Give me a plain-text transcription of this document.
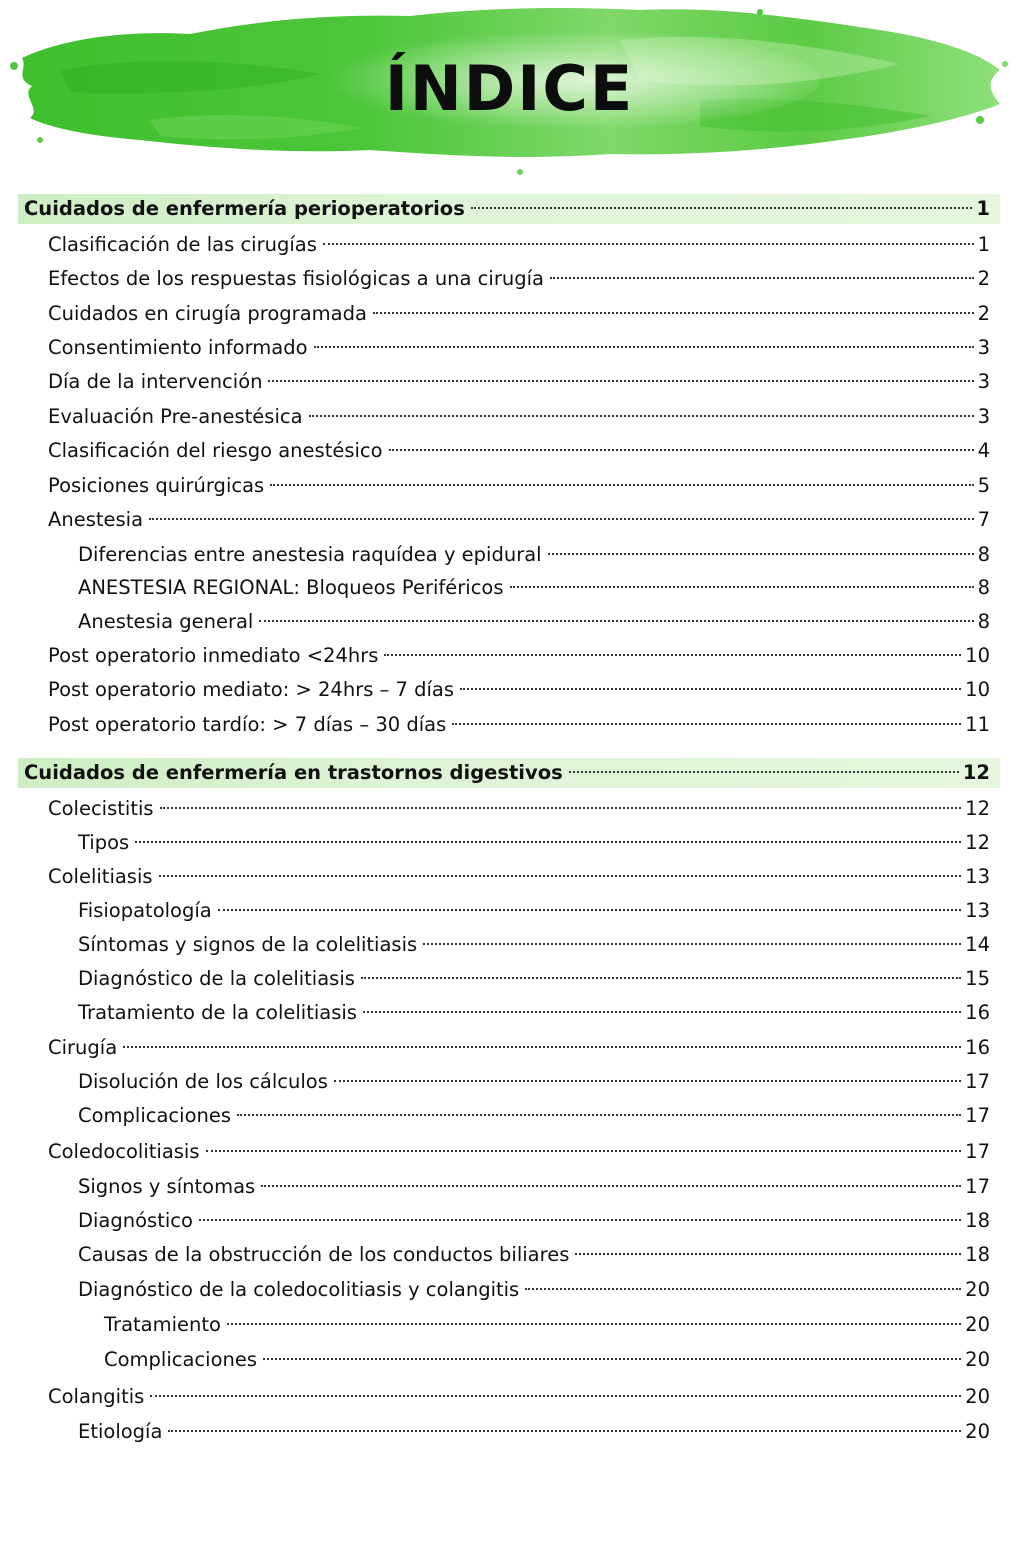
ÍNDICE
Cuidados de enfermería perioperatorios	1
Clasificación de las cirugías	1
Efectos de los respuestas fisiológicas a una cirugía	2
Cuidados en cirugía programada	2
Consentimiento informado	3
Día de la intervención	3
Evaluación Pre-anestésica	3
Clasificación del riesgo anestésico	4
Posiciones quirúrgicas	5
Anestesia	7
Diferencias entre anestesia raquídea y epidural	8
ANESTESIA REGIONAL: Bloqueos Periféricos	8
Anestesia general	8
Post operatorio inmediato <24hrs	10
Post operatorio mediato: > 24hrs – 7 días	10
Post operatorio tardío: > 7 días – 30 días	11
Cuidados de enfermería en trastornos digestivos	12
Colecistitis	12
Tipos	12
Colelitiasis	13
Fisiopatología	13
Síntomas y signos de la colelitiasis	14
Diagnóstico de la colelitiasis	15
Tratamiento de la colelitiasis	16
Cirugía	16
Disolución de los cálculos	17
Complicaciones	17
Coledocolitiasis	17
Signos y síntomas	17
Diagnóstico	18
Causas de la obstrucción de los conductos biliares	18
Diagnóstico de la coledocolitiasis y colangitis	20
Tratamiento	20
Complicaciones	20
Colangitis	20
Etiología	20
